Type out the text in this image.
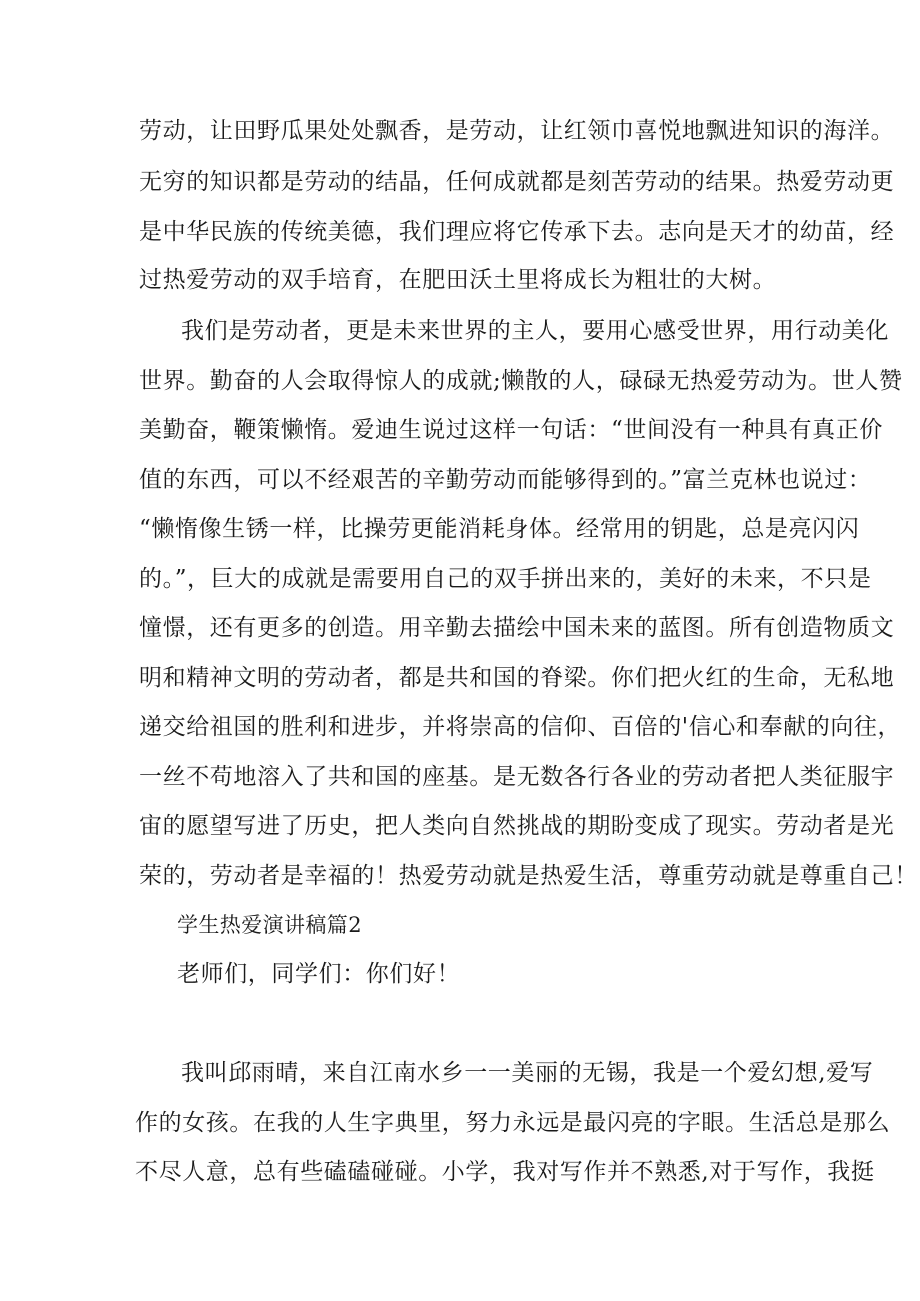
劳动，让田野瓜果处处飘香，是劳动，让红领巾喜悦地飘进知识的海洋。
无穷的知识都是劳动的结晶，任何成就都是刻苦劳动的结果。热爱劳动更
是中华民族的传统美德，我们理应将它传承下去。志向是天才的幼苗，经
过热爱劳动的双手培育，在肥田沃土里将成长为粗壮的大树。
我们是劳动者，更是未来世界的主人，要用心感受世界，用行动美化
世界。勤奋的人会取得惊人的成就;懒散的人，碌碌无热爱劳动为。世人赞
美勤奋，鞭策懒惰。爱迪生说过这样一句话：“世间没有一种具有真正价
值的东西，可以不经艰苦的辛勤劳动而能够得到的。”富兰克林也说过：
“懒惰像生锈一样，比操劳更能消耗身体。经常用的钥匙，总是亮闪闪
的。”，巨大的成就是需要用自己的双手拼出来的，美好的未来，不只是
憧憬，还有更多的创造。用辛勤去描绘中国未来的蓝图。所有创造物质文
明和精神文明的劳动者，都是共和国的脊梁。你们把火红的生命，无私地
递交给祖国的胜利和进步，并将崇高的信仰、百倍的'信心和奉献的向往，
一丝不苟地溶入了共和国的座基。是无数各行各业的劳动者把人类征服宇
宙的愿望写进了历史，把人类向自然挑战的期盼变成了现实。劳动者是光
荣的，劳动者是幸福的！热爱劳动就是热爱生活，尊重劳动就是尊重自己！
学生热爱演讲稿篇2
老师们，同学们：你们好！
我叫邱雨晴，来自江南水乡一一美丽的无锡，我是一个爱幻想,爱写
作的女孩。在我的人生字典里，努力永远是最闪亮的字眼。生活总是那么
不尽人意，总有些磕磕碰碰。小学，我对写作并不熟悉,对于写作，我挺
